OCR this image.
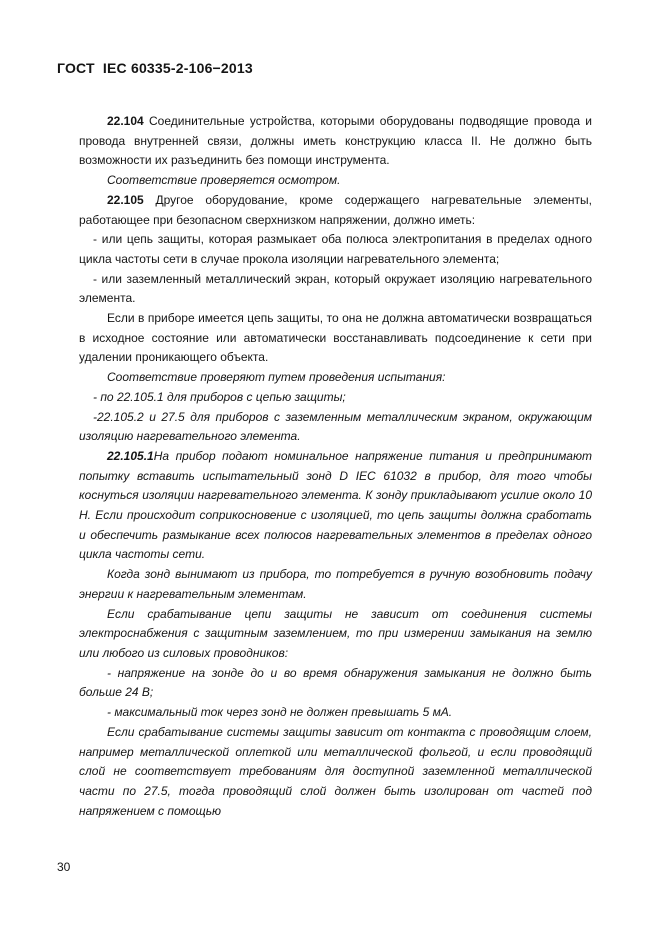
ГОСТ  IEC 60335-2-106−2013

22.104 Соединительные устройства, которыми оборудованы подводящие провода и провода внутренней связи, должны иметь конструкцию класса II. Не должно быть возможности их разъединить без помощи инструмента.

Соответствие проверяется осмотром.

22.105 Другое оборудование, кроме содержащего нагревательные элементы, работающее при безопасном сверхнизком напряжении, должно иметь:

- или цепь защиты, которая размыкает оба полюса электропитания в пределах одного цикла частоты сети в случае прокола изоляции нагревательного элемента;

- или заземленный металлический экран, который окружает изоляцию нагревательного элемента.

Если в приборе имеется цепь защиты, то она не должна автоматически возвращаться в исходное состояние или автоматически восстанавливать подсоединение к сети при удалении проникающего объекта.

Соответствие проверяют путем проведения испытания:

- по 22.105.1 для приборов с цепью защиты;

-22.105.2 и 27.5 для приборов с заземленным металлическим экраном, окружающим изоляцию нагревательного элемента.

22.105.1На прибор подают номинальное напряжение питания и предпринимают попытку вставить испытательный зонд D IEC 61032 в прибор, для того чтобы коснуться изоляции нагревательного элемента. К зонду прикладывают усилие около 10 Н. Если происходит соприкосновение с изоляцией, то цепь защиты должна сработать и обеспечить размыкание всех полюсов нагревательных элементов в пределах одного цикла частоты сети.

Когда зонд вынимают из прибора, то потребуется в ручную возобновить подачу энергии к нагревательным элементам.

Если срабатывание цепи защиты не зависит от соединения системы электроснабжения с защитным заземлением, то при измерении замыкания на землю или любого из силовых проводников:

- напряжение на зонде до и во время обнаружения замыкания не должно быть больше 24 В;

- максимальный ток через зонд не должен превышать 5 мА.

Если срабатывание системы защиты зависит от контакта с проводящим слоем, например металлической оплеткой или металлической фольгой, и если проводящий слой не соответствует требованиям для доступной заземленной металлической части по 27.5, тогда проводящий слой должен быть изолирован от частей под напряжением с помощью

30
